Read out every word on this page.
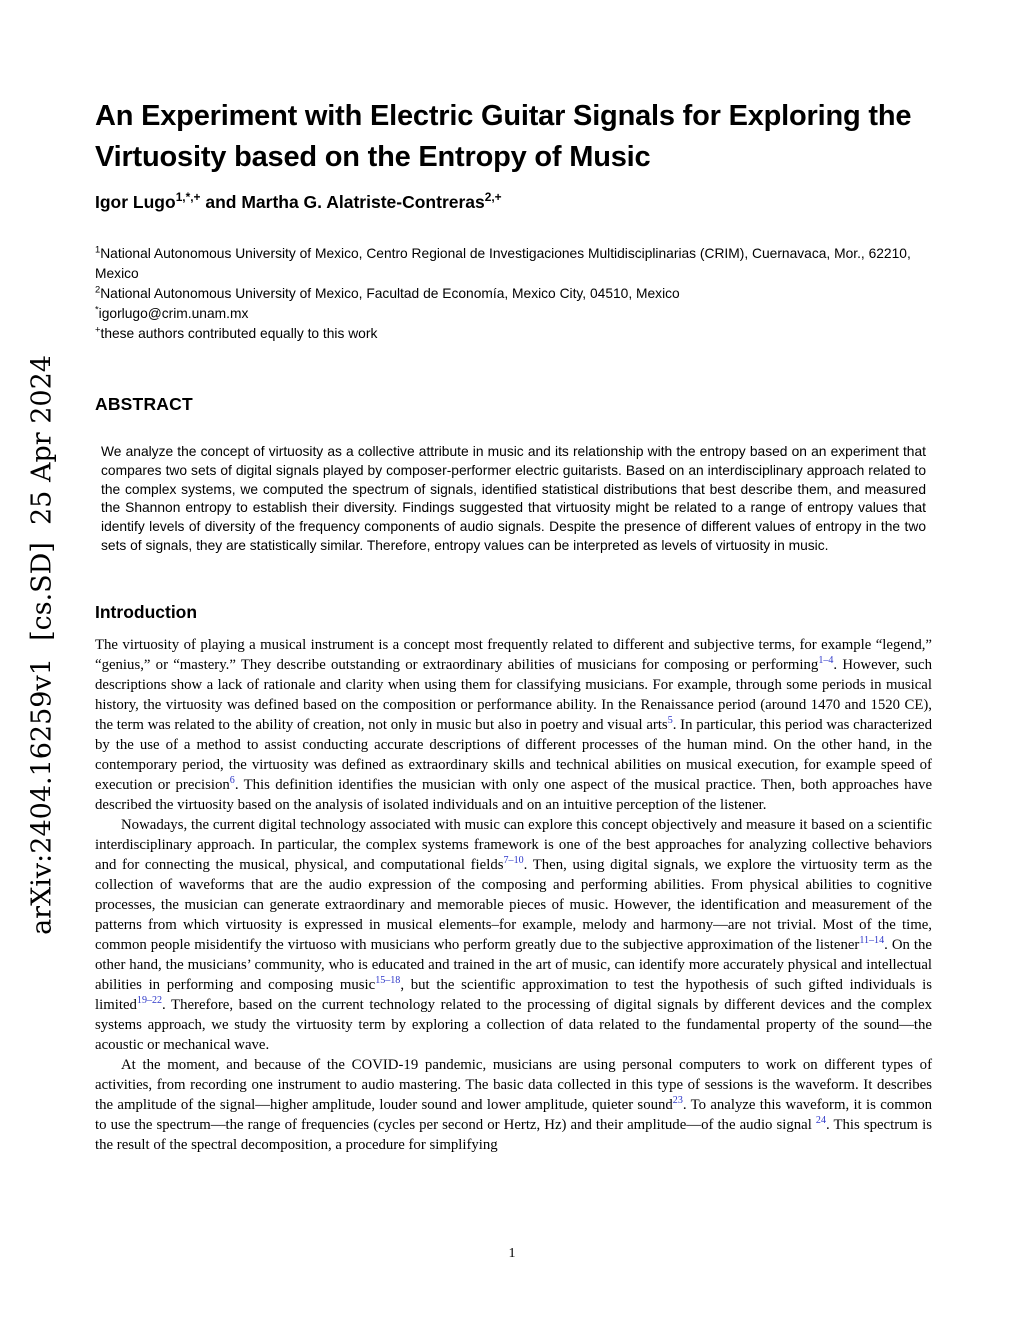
arXiv:2404.16259v1  [cs.SD]  25 Apr 2024
An Experiment with Electric Guitar Signals for Exploring the Virtuosity based on the Entropy of Music

Igor Lugo$^{1,*,+}$ and Martha G. Alatriste-Contreras$^{2,+}$

$^1$National Autonomous University of Mexico, Centro Regional de Investigaciones Multidisciplinarias (CRIM), Cuernavaca, Mor., 62210, Mexico

$^2$National Autonomous University of Mexico, Facultad de Economía, Mexico City, 04510, Mexico

*igorlugo@crim.unam.mx

+these authors contributed equally to this work

ABSTRACT

We analyze the concept of virtuosity as a collective attribute in music and its relationship with the entropy based on an experiment that compares two sets of digital signals played by composer-performer electric guitarists. Based on an interdisciplinary approach related to the complex systems, we computed the spectrum of signals, identified statistical distributions that best describe them, and measured the Shannon entropy to establish their diversity. Findings suggested that virtuosity might be related to a range of entropy values that identify levels of diversity of the frequency components of audio signals. Despite the presence of different values of entropy in the two sets of signals, they are statistically similar. Therefore, entropy values can be interpreted as levels of virtuosity in music.

Introduction

The virtuosity of playing a musical instrument is a concept most frequently related to different and subjective terms, for example “legend,” “genius,” or “mastery.” They describe outstanding or extraordinary abilities of musicians for composing or performing$^{1-4}$. However, such descriptions show a lack of rationale and clarity when using them for classifying musicians. For example, through some periods in musical history, the virtuosity was defined based on the composition or performance ability. In the Renaissance period (around 1470 and 1520 CE), the term was related to the ability of creation, not only in music but also in poetry and visual arts$^5$. In particular, this period was characterized by the use of a method to assist conducting accurate descriptions of different processes of the human mind. On the other hand, in the contemporary period, the virtuosity was defined as extraordinary skills and technical abilities on musical execution, for example speed of execution or precision$^6$. This definition identifies the musician with only one aspect of the musical practice. Then, both approaches have described the virtuosity based on the analysis of isolated individuals and on an intuitive perception of the listener.

Nowadays, the current digital technology associated with music can explore this concept objectively and measure it based on a scientific interdisciplinary approach. In particular, the complex systems framework is one of the best approaches for analyzing collective behaviors and for connecting the musical, physical, and computational fields$^{7-10}$. Then, using digital signals, we explore the virtuosity term as the collection of waveforms that are the audio expression of the composing and performing abilities. From physical abilities to cognitive processes, the musician can generate extraordinary and memorable pieces of music. However, the identification and measurement of the patterns from which virtuosity is expressed in musical elements–for example, melody and harmony—are not trivial. Most of the time, common people misidentify the virtuoso with musicians who perform greatly due to the subjective approximation of the listener$^{11-14}$. On the other hand, the musicians’ community, who is educated and trained in the art of music, can identify more accurately physical and intellectual abilities in performing and composing music$^{15-18}$, but the scientific approximation to test the hypothesis of such gifted individuals is limited$^{19-22}$. Therefore, based on the current technology related to the processing of digital signals by different devices and the complex systems approach, we study the virtuosity term by exploring a collection of data related to the fundamental property of the sound—the acoustic or mechanical wave.

At the moment, and because of the COVID-19 pandemic, musicians are using personal computers to work on different types of activities, from recording one instrument to audio mastering. The basic data collected in this type of sessions is the waveform. It describes the amplitude of the signal—higher amplitude, louder sound and lower amplitude, quieter sound$^{23}$. To analyze this waveform, it is common to use the spectrum—the range of frequencies (cycles per second or Hertz, Hz) and their amplitude—of the audio signal $^{24}$. This spectrum is the result of the spectral decomposition, a procedure for simplifying

1
